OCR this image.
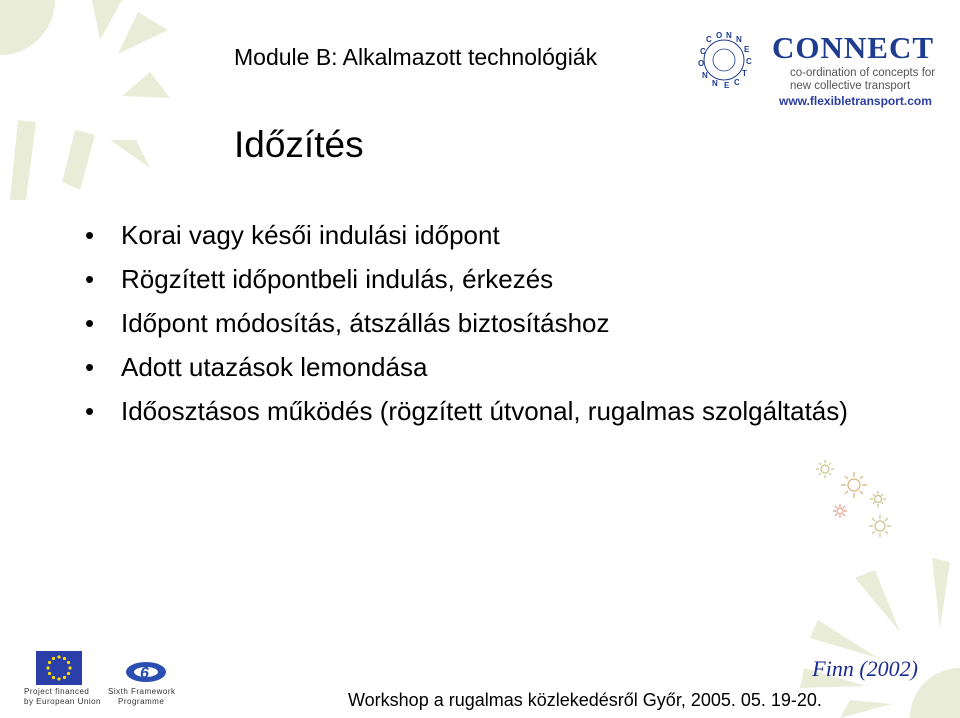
Module B: Alkalmazott technológiák
Időzítés
C O N N
E
C
T
C
O
N
N E C
CONNECT
co-ordination of concepts for
new collective transport
www.flexibletransport.com
• Korai vagy késői indulási időpont
• Rögzített időpontbeli indulás, érkezés
• Időpont módosítás, átszállás biztosításhoz
• Adott utazások lemondása
• Időosztásos működés (rögzített útvonal, rugalmas szolgáltatás)
Finn (2002)
Project financed
by European Union
6
Sixth Framework
Programme	Workshop a rugalmas közlekedésről Győr, 2005. 05. 19-20.
